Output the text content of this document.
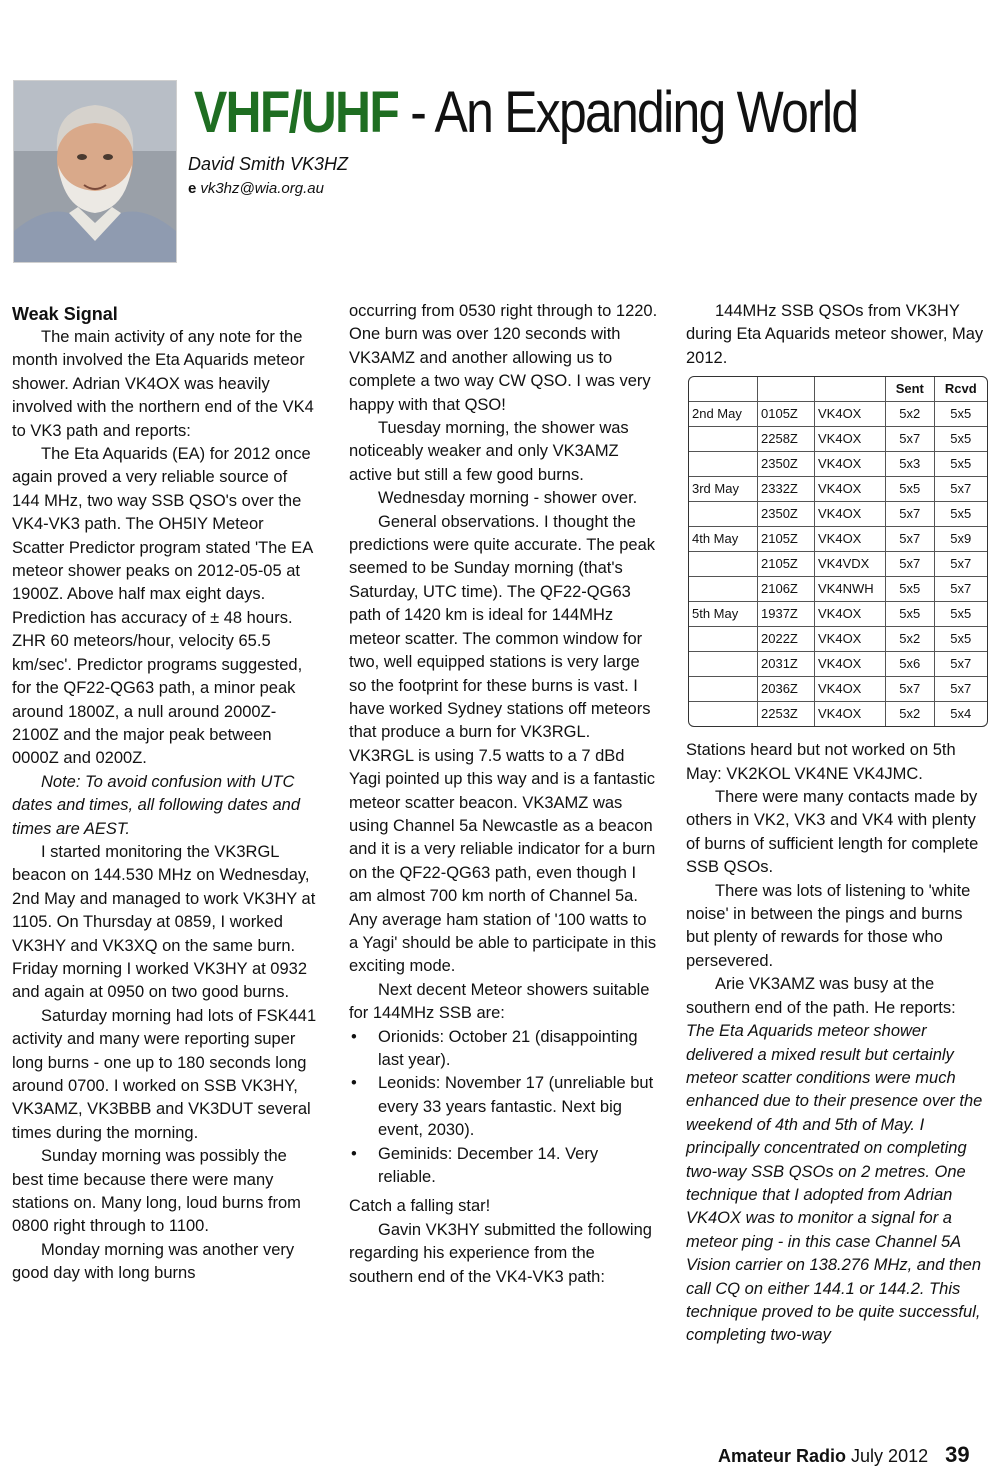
VHF/UHF - An Expanding World
David Smith VK3HZ
e vk3hz@wia.org.au
Weak Signal

The main activity of any note for the month involved the Eta Aquarids meteor shower. Adrian VK4OX was heavily involved with the northern end of the VK4 to VK3 path and reports:

The Eta Aquarids (EA) for 2012 once again proved a very reliable source of 144 MHz, two way SSB QSO's over the VK4-VK3 path. The OH5IY Meteor Scatter Predictor program stated 'The EA meteor shower peaks on 2012-05-05 at 1900Z. Above half max eight days. Prediction has accuracy of ± 48 hours. ZHR 60 meteors/hour, velocity 65.5 km/sec'. Predictor programs suggested, for the QF22-QG63 path, a minor peak around 1800Z, a null around 2000Z-2100Z and the major peak between 0000Z and 0200Z.

Note: To avoid confusion with UTC dates and times, all following dates and times are AEST.

I started monitoring the VK3RGL beacon on 144.530 MHz on Wednesday, 2nd May and managed to work VK3HY at 1105. On Thursday at 0859, I worked VK3HY and VK3XQ on the same burn. Friday morning I worked VK3HY at 0932 and again at 0950 on two good burns.

Saturday morning had lots of FSK441 activity and many were reporting super long burns - one up to 180 seconds long around 0700. I worked on SSB VK3HY, VK3AMZ, VK3BBB and VK3DUT several times during the morning.

Sunday morning was possibly the best time because there were many stations on. Many long, loud burns from 0800 right through to 1100.

Monday morning was another very good day with long burns

occurring from 0530 right through to 1220. One burn was over 120 seconds with VK3AMZ and another allowing us to complete a two way CW QSO. I was very happy with that QSO!

Tuesday morning, the shower was noticeably weaker and only VK3AMZ active but still a few good burns.

Wednesday morning - shower over.

General observations. I thought the predictions were quite accurate. The peak seemed to be Sunday morning (that's Saturday, UTC time). The QF22-QG63 path of 1420 km is ideal for 144MHz meteor scatter. The common window for two, well equipped stations is very large so the footprint for these burns is vast. I have worked Sydney stations off meteors that produce a burn for VK3RGL. VK3RGL is using 7.5 watts to a 7 dBd Yagi pointed up this way and is a fantastic meteor scatter beacon. VK3AMZ was using Channel 5a Newcastle as a beacon and it is a very reliable indicator for a burn on the QF22-QG63 path, even though I am almost 700 km north of Channel 5a. Any average ham station of '100 watts to a Yagi' should be able to participate in this exciting mode.

Next decent Meteor showers suitable for 144MHz SSB are:

• Orionids: October 21 (disappointing last year).
• Leonids: November 17 (unreliable but every 33 years fantastic. Next big event, 2030).
• Geminids: December 14. Very reliable.

Catch a falling star!

Gavin VK3HY submitted the following regarding his experience from the southern end of the VK4-VK3 path:

144MHz SSB QSOs from VK3HY during Eta Aquarids meteor shower, May 2012.

			Sent	Rcvd
2nd May	0105Z	VK4OX	5x2	5x5
	2258Z	VK4OX	5x7	5x5
	2350Z	VK4OX	5x3	5x5
3rd May	2332Z	VK4OX	5x5	5x7
	2350Z	VK4OX	5x7	5x5
4th May	2105Z	VK4OX	5x7	5x9
	2105Z	VK4VDX	5x7	5x7
	2106Z	VK4NWH	5x5	5x7
5th May	1937Z	VK4OX	5x5	5x5
	2022Z	VK4OX	5x2	5x5
	2031Z	VK4OX	5x6	5x7
	2036Z	VK4OX	5x7	5x7
	2253Z	VK4OX	5x2	5x4

Stations heard but not worked on 5th May: VK2KOL VK4NE VK4JMC.

There were many contacts made by others in VK2, VK3 and VK4 with plenty of burns of sufficient length for complete SSB QSOs.

There was lots of listening to 'white noise' in between the pings and burns but plenty of rewards for those who persevered.

Arie VK3AMZ was busy at the southern end of the path. He reports:

The Eta Aquarids meteor shower delivered a mixed result but certainly meteor scatter conditions were much enhanced due to their presence over the weekend of 4th and 5th of May. I principally concentrated on completing two-way SSB QSOs on 2 metres. One technique that I adopted from Adrian VK4OX was to monitor a signal for a meteor ping - in this case Channel 5A Vision carrier on 138.276 MHz, and then call CQ on either 144.1 or 144.2. This technique proved to be quite successful, completing two-way

Amateur Radio July 2012 39
